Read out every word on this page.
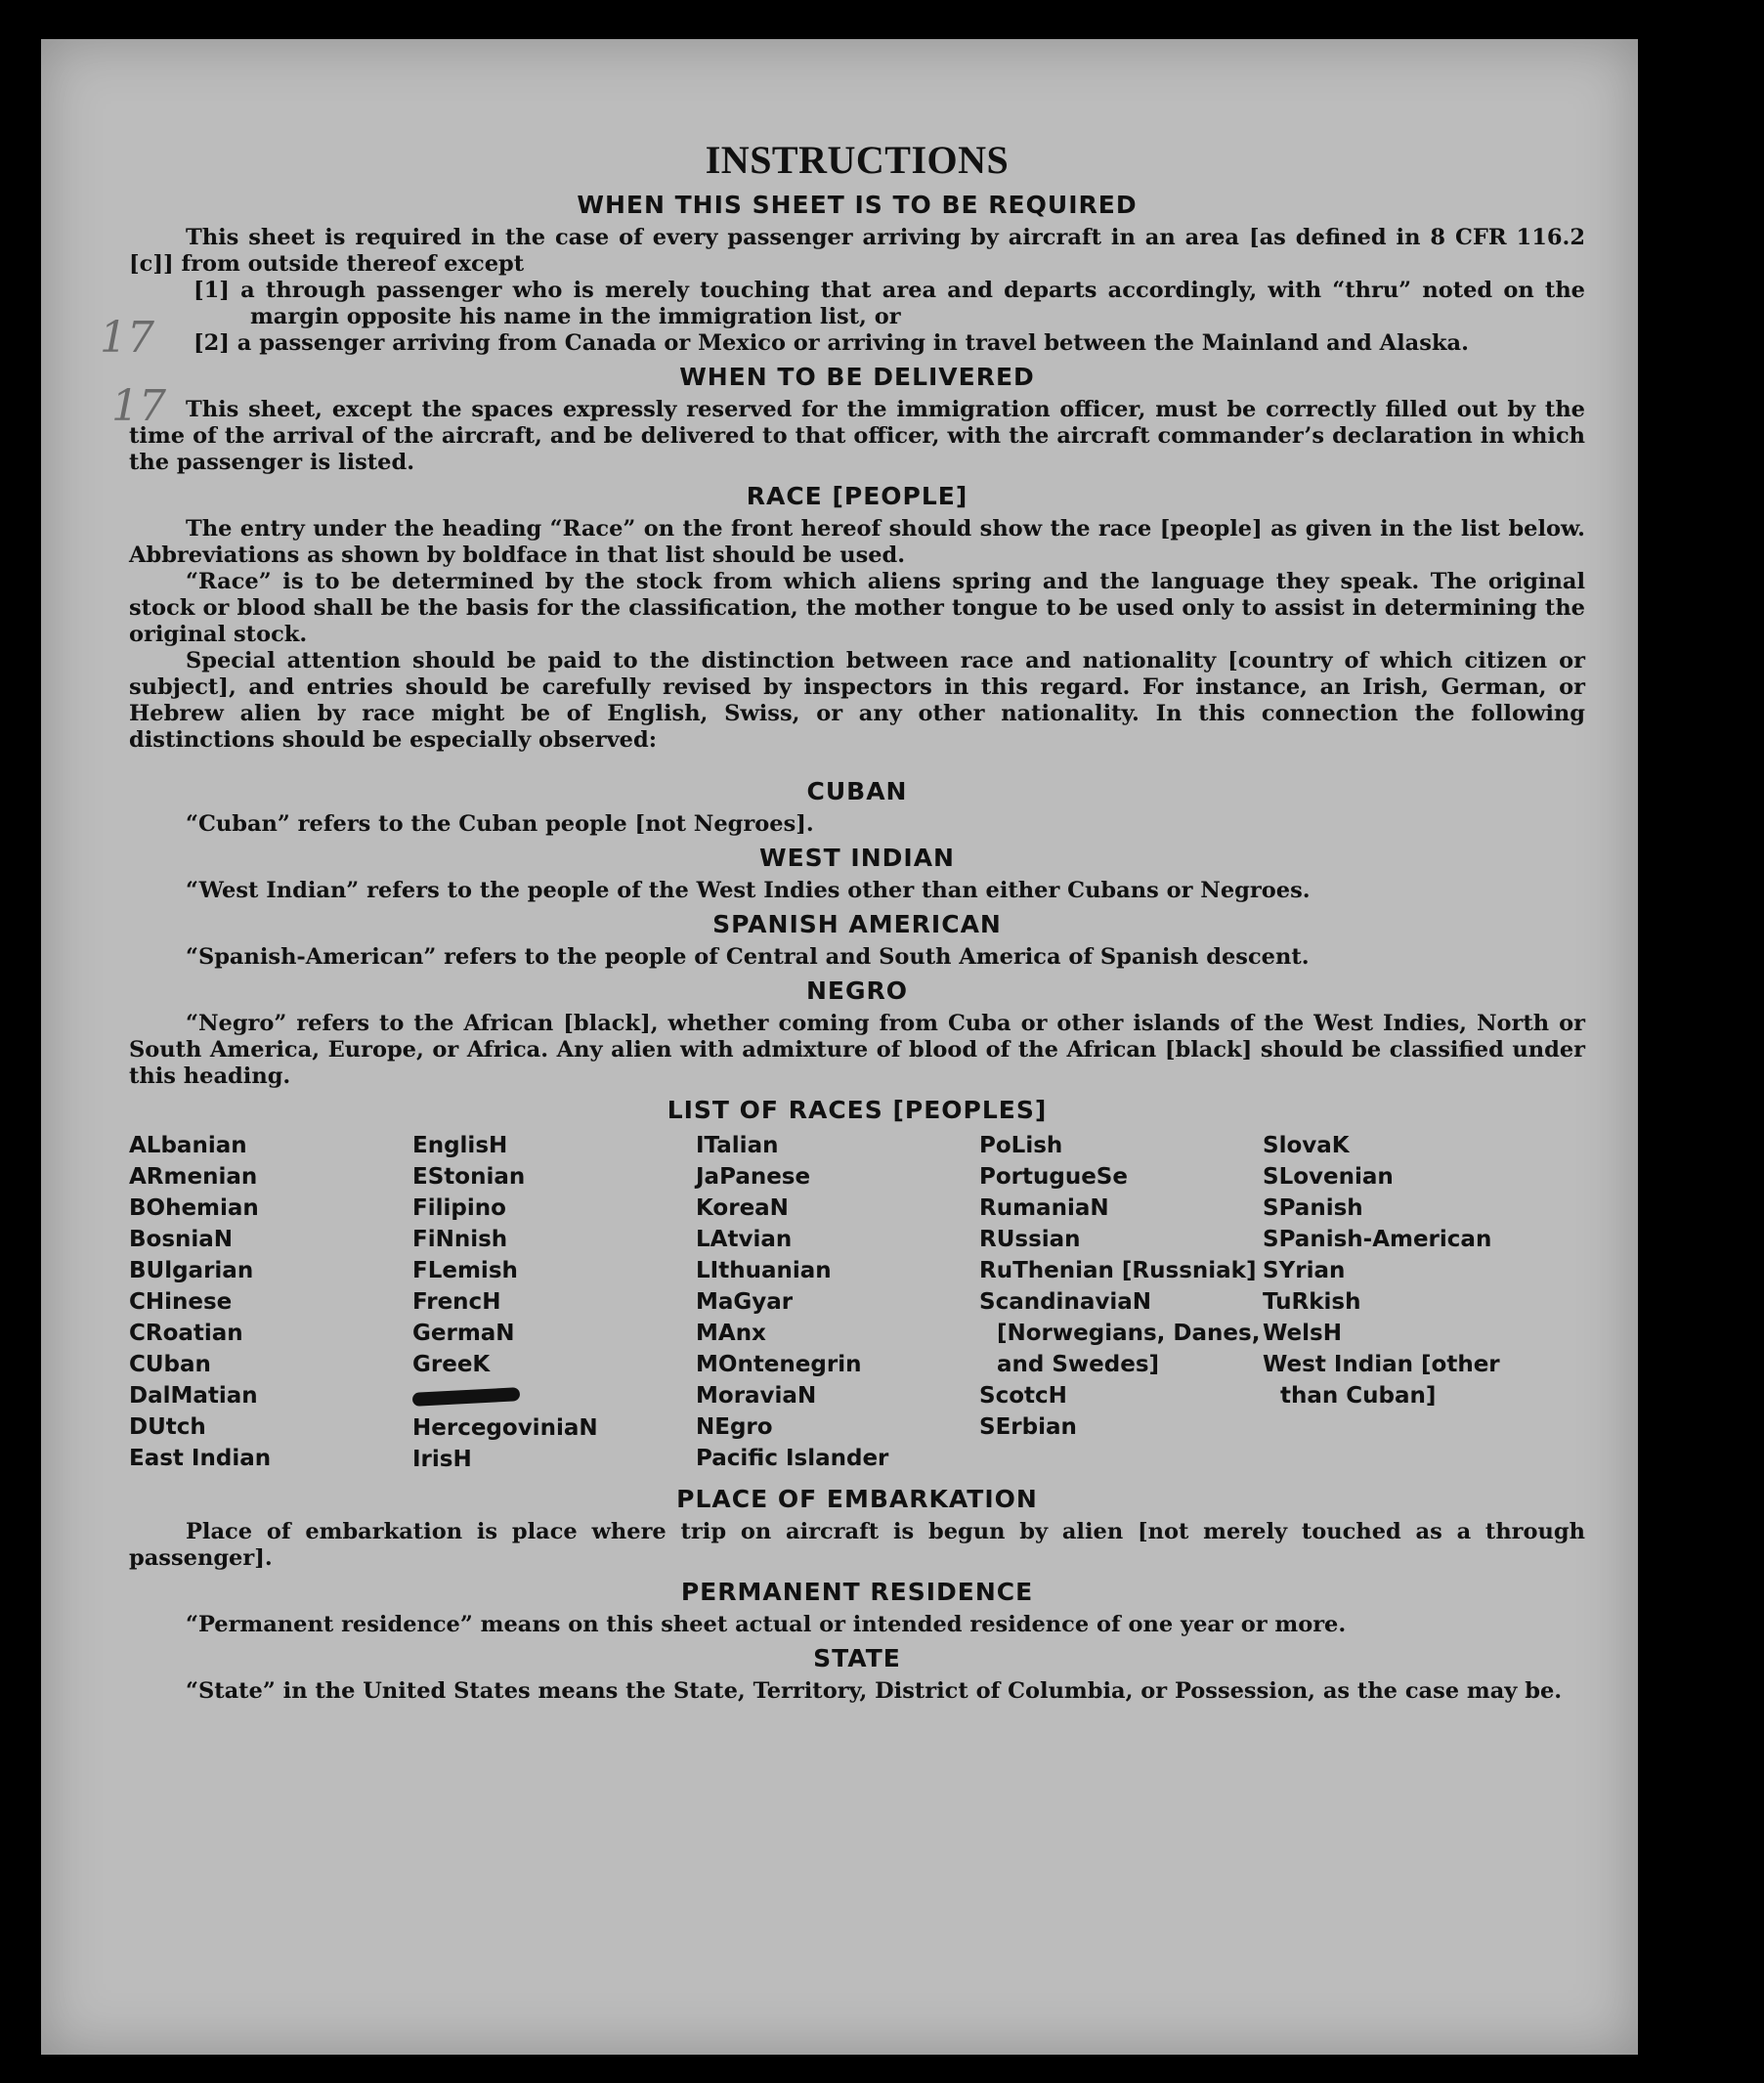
17
17
INSTRUCTIONS
WHEN THIS SHEET IS TO BE REQUIRED

This sheet is required in the case of every passenger arriving by aircraft in an area [as defined in 8 CFR 116.2 [c]] from outside thereof except

[1] a through passenger who is merely touching that area and departs accordingly, with “thru” noted on the margin opposite his name in the immigration list, or
[2] a passenger arriving from Canada or Mexico or arriving in travel between the Mainland and Alaska.
WHEN TO BE DELIVERED

This sheet, except the spaces expressly reserved for the immigration officer, must be correctly filled out by the time of the arrival of the aircraft, and be delivered to that officer, with the aircraft commander’s declaration in which the passenger is listed.

RACE [PEOPLE]

The entry under the heading “Race” on the front hereof should show the race [people] as given in the list below. Abbreviations as shown by boldface in that list should be used.

“Race” is to be determined by the stock from which aliens spring and the language they speak. The original stock or blood shall be the basis for the classification, the mother tongue to be used only to assist in determining the original stock.

Special attention should be paid to the distinction between race and nationality [country of which citizen or subject], and entries should be carefully revised by inspectors in this regard. For instance, an Irish, German, or Hebrew alien by race might be of English, Swiss, or any other nationality. In this connection the following distinctions should be especially observed:

CUBAN

“Cuban” refers to the Cuban people [not Negroes].

WEST INDIAN

“West Indian” refers to the people of the West Indies other than either Cubans or Negroes.

SPANISH AMERICAN

“Spanish-American” refers to the people of Central and South America of Spanish descent.

NEGRO

“Negro” refers to the African [black], whether coming from Cuba or other islands of the West Indies, North or South America, Europe, or Africa. Any alien with admixture of blood of the African [black] should be classified under this heading.

LIST OF RACES [PEOPLES]
ALbanian
ARmenian
BOhemian
BosniaN
BUlgarian
CHinese
CRoatian
CUban
DalMatian
DUtch
East Indian
EnglisH
EStonian
Filipino
FiNnish
FLemish
FrencH
GermaN
GreeK
HercegoviniaN
IrisH
ITalian
JaPanese
KoreaN
LAtvian
LIthuanian
MaGyar
MAnx
MOntenegrin
MoraviaN
NEgro
Pacific Islander
PoLish
PortugueSe
RumaniaN
RUssian
RuThenian [Russniak]
ScandinaviaN [Norwegians, Danes, and Swedes]
ScotcH
SErbian
SlovaK
SLovenian
SPanish
SPanish-American
SYrian
TuRkish
WelsH
West Indian [other than Cuban]
PLACE OF EMBARKATION

Place of embarkation is place where trip on aircraft is begun by alien [not merely touched as a through passenger].

PERMANENT RESIDENCE

“Permanent residence” means on this sheet actual or intended residence of one year or more.

STATE

“State” in the United States means the State, Territory, District of Columbia, or Possession, as the case may be.
